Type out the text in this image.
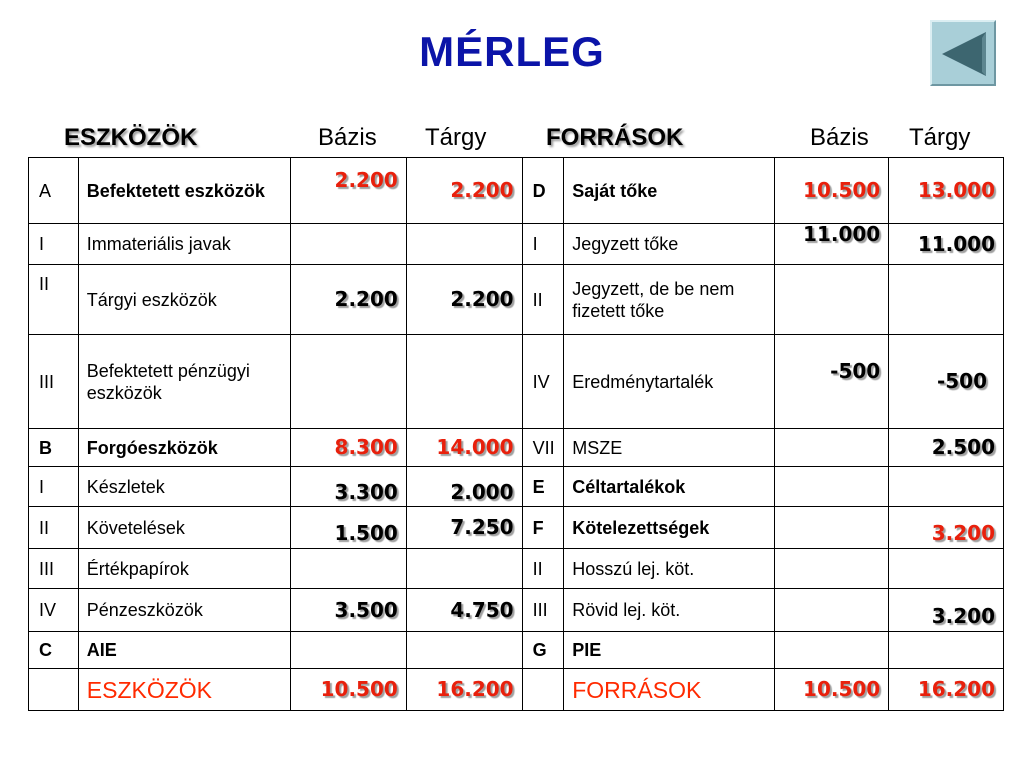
MÉRLEG
ESZKÖZÖK	Bázis Tárgy FORRÁSOK	Bázis Tárgy
A	Befektetett eszközök	2.200	2.200	D	Saját tőke	10.500	13.000
I	Immateriális javak			I	Jegyzett tőke	11.000	11.000
II	Tárgyi eszközök	2.200	2.200	II	Jegyzett, de be nem fizetett tőke		
III	Befektetett pénzügyi eszközök			IV	Eredménytartalék	-500	-500
B	Forgóeszközök	8.300	14.000	VII	MSZE		2.500
I	Készletek	3.300	2.000	E	Céltartalékok		
II	Követelések	1.500	7.250	F	Kötelezettségek		3.200
III	Értékpapírok			II	Hosszú lej. köt.		
IV	Pénzeszközök	3.500	4.750	III	Rövid lej. köt.		3.200
C	AIE			G	PIE		
	ESZKÖZÖK	10.500	16.200		FORRÁSOK	10.500	16.200
